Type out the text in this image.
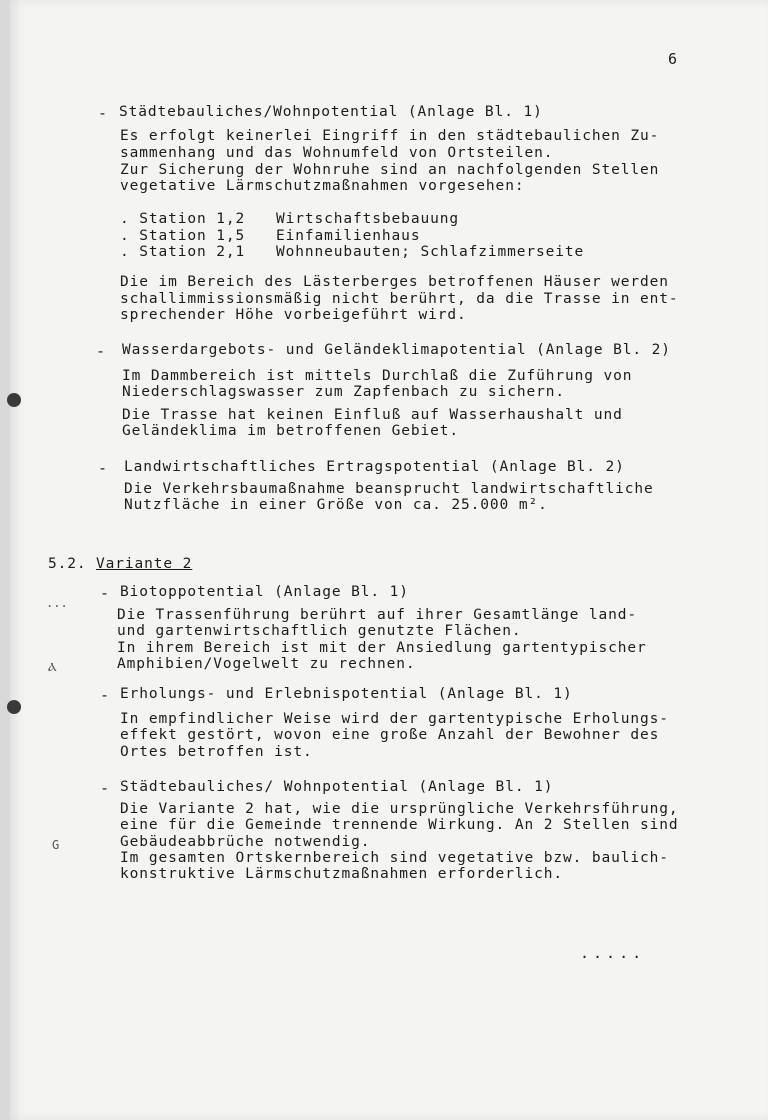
6
- Städtebauliches/Wohnpotential (Anlage Bl. 1)
Es erfolgt keinerlei Eingriff in den städtebaulichen Zu-
sammenhang und das Wohnumfeld von Ortsteilen.
Zur Sicherung der Wohnruhe sind an nachfolgenden Stellen
vegetative Lärmschutzmaßnahmen vorgesehen:
. Station 1,2 Wirtschaftsbebauung
. Station 1,5 Einfamilienhaus
. Station 2,1 Wohnneubauten; Schlafzimmerseite
Die im Bereich des Lästerberges betroffenen Häuser werden
schallimmissionsmäßig nicht berührt, da die Trasse in ent-
sprechender Höhe vorbeigeführt wird.
- Wasserdargebots- und Geländeklimapotential (Anlage Bl. 2)
Im Dammbereich ist mittels Durchlaß die Zuführung von
Niederschlagswasser zum Zapfenbach zu sichern.
Die Trasse hat keinen Einfluß auf Wasserhaushalt und
Geländeklima im betroffenen Gebiet.
- Landwirtschaftliches Ertragspotential (Anlage Bl. 2)
Die Verkehrsbaumaßnahme beansprucht landwirtschaftliche
Nutzfläche in einer Größe von ca. 25.000 m².
5.2. Variante 2
...
- Biotoppotential (Anlage Bl. 1)
Die Trassenführung berührt auf ihrer Gesamtlänge land-
und gartenwirtschaftlich genutzte Flächen.
In ihrem Bereich ist mit der Ansiedlung gartentypischer
Amphibien/Vogelwelt zu rechnen.
Ⲁ
- Erholungs- und Erlebnispotential (Anlage Bl. 1)
In empfindlicher Weise wird der gartentypische Erholungs-
effekt gestört, wovon eine große Anzahl der Bewohner des
Ortes betroffen ist.
- Städtebauliches/ Wohnpotential (Anlage Bl. 1)
Die Variante 2 hat, wie die ursprüngliche Verkehrsführung,
eine für die Gemeinde trennende Wirkung. An 2 Stellen sind
Gebäudeabbrüche notwendig.
G
Im gesamten Ortskernbereich sind vegetative bzw. baulich-
konstruktive Lärmschutzmaßnahmen erforderlich.
.....
